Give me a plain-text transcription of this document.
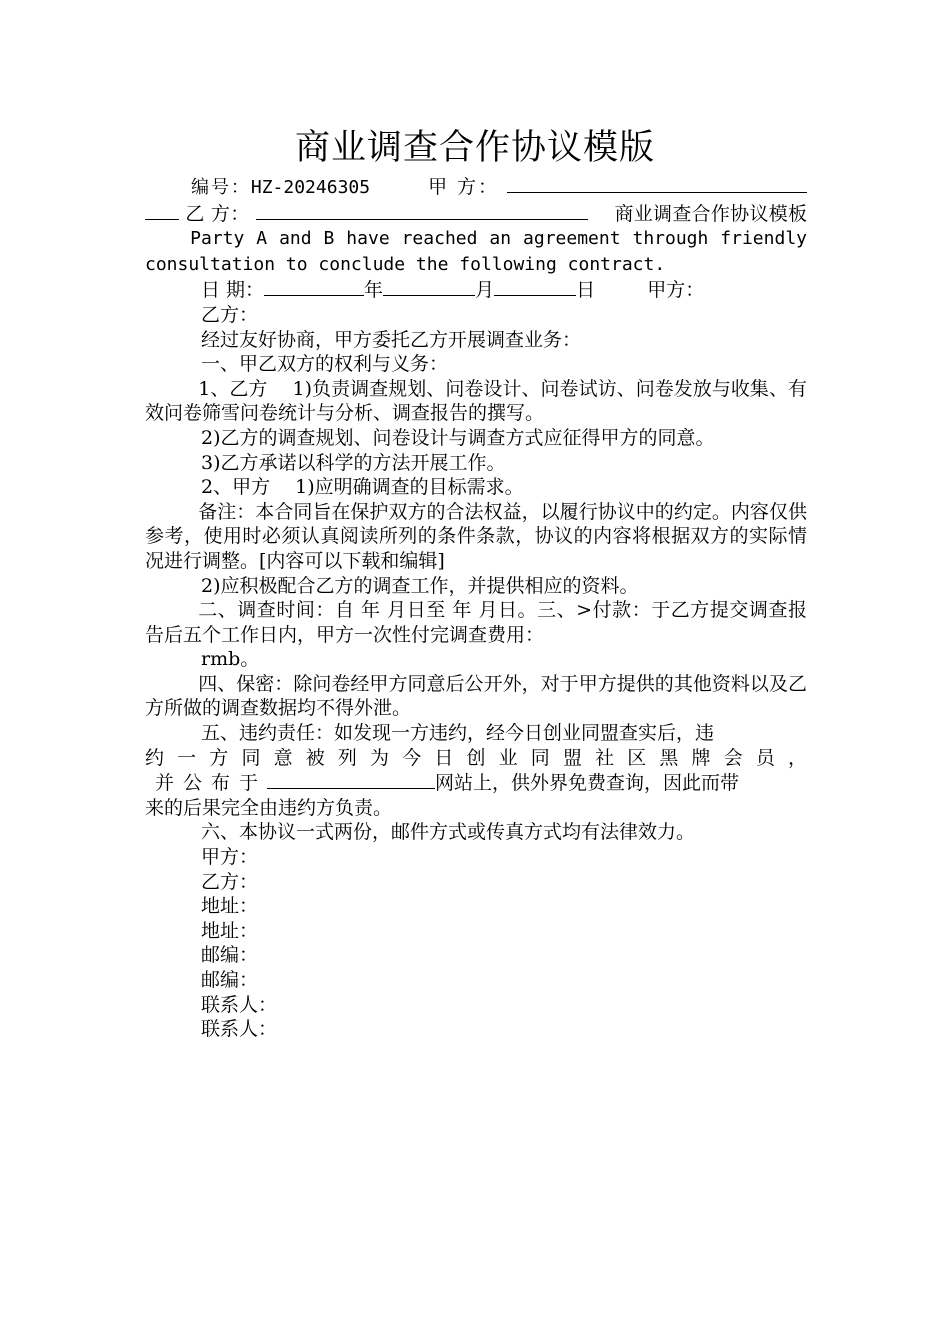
商业调查合作协议模版

编号：HZ-20246305	甲 方：  乙 方：	商业调查合作协议模板  Party A and B have reached an agreement through friendly consultation to conclude the following contract.

日 期：	年	月	日	甲方：

乙方：

经过友好协商，甲方委托乙方开展调查业务：

一、甲乙双方的权利与义务：

1、乙方　 1)负责调查规划、问卷设计、问卷试访、问卷发放与收集、有效问卷筛雪问卷统计与分析、调查报告的撰写。

2)乙方的调查规划、问卷设计与调查方式应征得甲方的同意。

3)乙方承诺以科学的方法开展工作。

2、甲方　 1)应明确调查的目标需求。

备注：本合同旨在保护双方的合法权益，以履行协议中的约定。内容仅供参考，使用时必须认真阅读所列的条件条款，协议的内容将根据双方的实际情况进行调整。[内容可以下载和编辑]

2)应积极配合乙方的调查工作，并提供相应的资料。

二、调查时间：自 年 月日至 年 月日。三、>付款：于乙方提交调查报告后五个工作日内，甲方一次性付完调查费用：

rmb。

四、保密：除问卷经甲方同意后公开外，对于甲方提供的其他资料以及乙方所做的调查数据均不得外泄。

五、违约责任：如发现一方违约，经今日创业同盟查实后，违

约一方同意被列为今日创业同盟社区黑牌会员，

并公布于	网站上，供外界免费查询，因此而带

来的后果完全由违约方负责。

六、本协议一式两份，邮件方式或传真方式均有法律效力。

甲方：

乙方：

地址：

地址：

邮编：

邮编：

联系人：

联系人：
